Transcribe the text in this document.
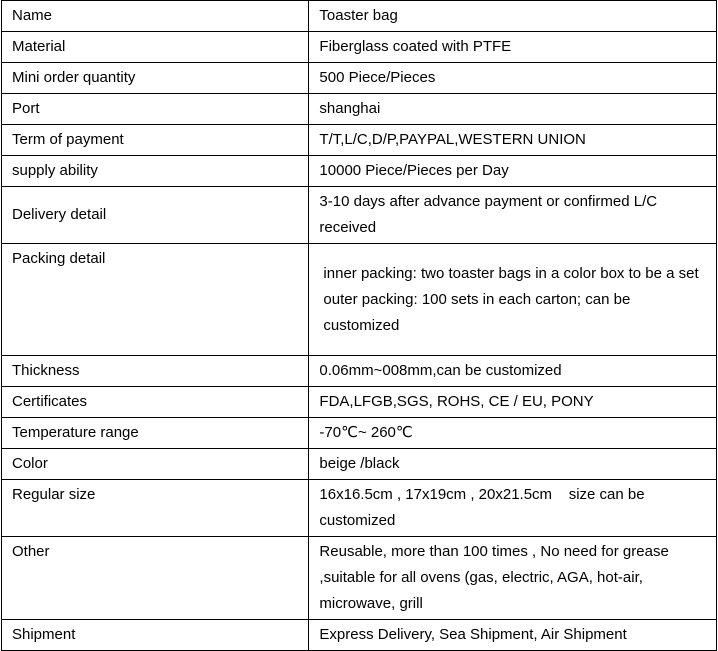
Name	Toaster bag
Material	Fiberglass coated with PTFE
Mini order quantity	500 Piece/Pieces
Port	shanghai
Term of payment	T/T,L/C,D/P,PAYPAL,WESTERN UNION
supply ability	10000 Piece/Pieces per Day
Delivery detail	3-10 days after advance payment or confirmed L/C received
Packing detail	inner packing: two toaster bags in a color box to be a set
outer packing: 100 sets in each carton; can be customized

Thickness	0.06mm~008mm,can be customized
Certificates	FDA,LFGB,SGS, ROHS, CE / EU, PONY
Temperature range	-70℃~ 260℃
Color	beige /black
Regular size	16x16.5cm , 17x19cm , 20x21.5cm    size can be customized
Other	Reusable, more than 100 times , No need for grease ,suitable for all ovens (gas, electric, AGA, hot-air, microwave, grill
Shipment	Express Delivery, Sea Shipment, Air Shipment
